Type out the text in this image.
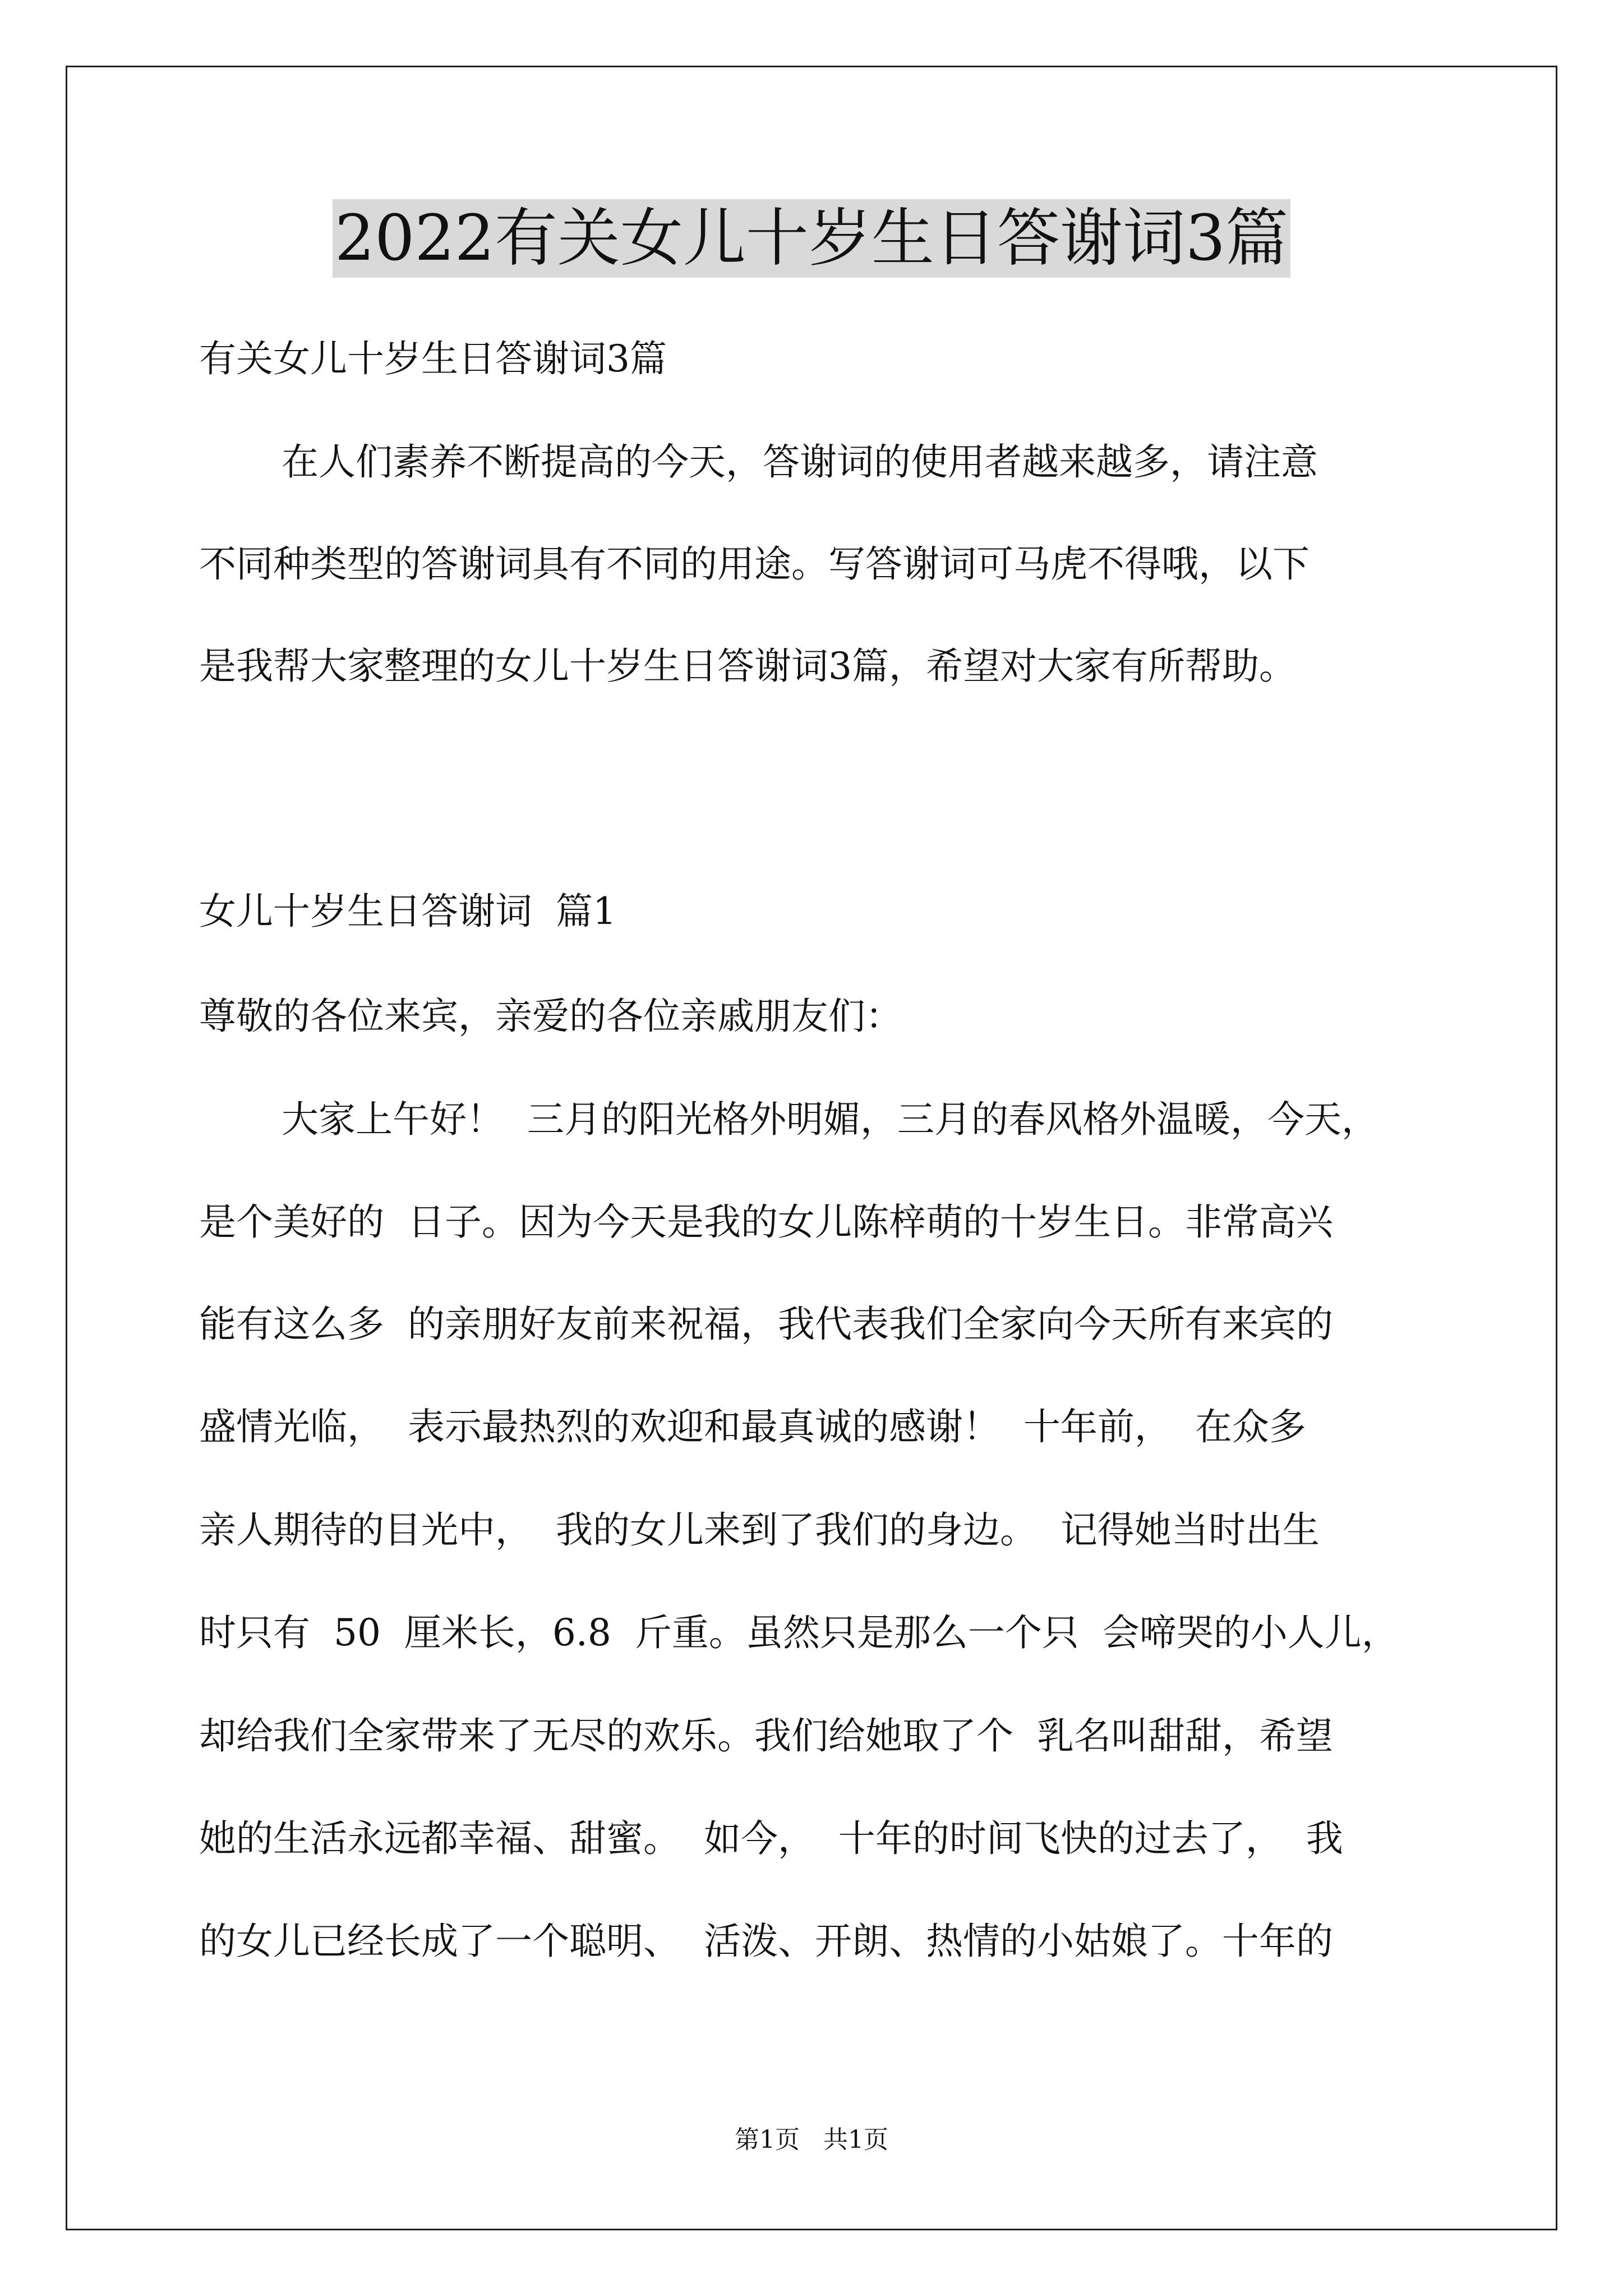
2022有关女儿十岁生日答谢词3篇
有关女儿十岁生日答谢词3篇
在人们素养不断提高的今天，答谢词的使用者越来越多，请注意
不同种类型的答谢词具有不同的用途。写答谢词可马虎不得哦，以下
是我帮大家整理的女儿十岁生日答谢词3篇，希望对大家有所帮助。
女儿十岁生日答谢词  篇1
尊敬的各位来宾，亲爱的各位亲戚朋友们：
大家上午好！  三月的阳光格外明媚，三月的春风格外温暖，今天，
是个美好的  日子。因为今天是我的女儿陈梓萌的十岁生日。非常高兴
能有这么多  的亲朋好友前来祝福，我代表我们全家向今天所有来宾的
盛情光临，  表示最热烈的欢迎和最真诚的感谢！  十年前，  在众多
亲人期待的目光中，  我的女儿来到了我们的身边。  记得她当时出生
时只有  50  厘米长，6.8  斤重。虽然只是那么一个只  会啼哭的小人儿，
却给我们全家带来了无尽的欢乐。我们给她取了个  乳名叫甜甜，希望
她的生活永远都幸福、甜蜜。  如今，  十年的时间飞快的过去了，  我
的女儿已经长成了一个聪明、  活泼、开朗、热情的小姑娘了。十年的
第1页   共1页
